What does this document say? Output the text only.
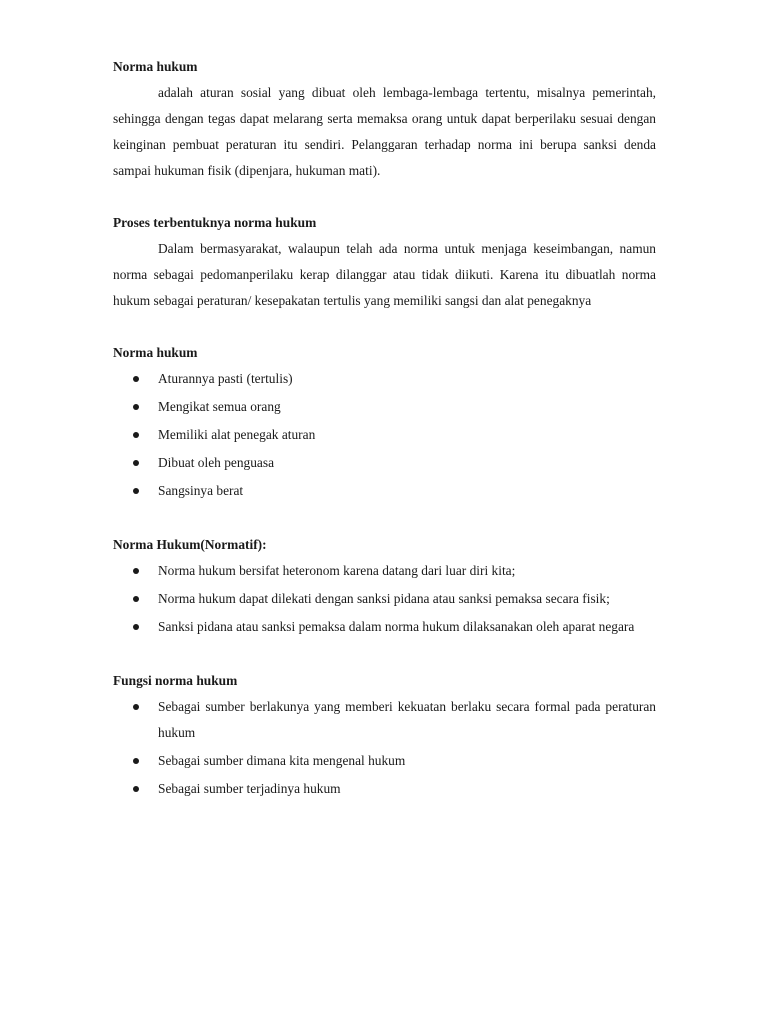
Norma hukum

adalah aturan sosial yang dibuat oleh lembaga-lembaga tertentu, misalnya pemerintah, sehingga dengan tegas dapat melarang serta memaksa orang untuk dapat berperilaku sesuai dengan keinginan pembuat peraturan itu sendiri. Pelanggaran terhadap norma ini berupa sanksi denda sampai hukuman fisik (dipenjara, hukuman mati).

Proses terbentuknya norma hukum

Dalam bermasyarakat, walaupun telah ada norma untuk menjaga keseimbangan, namun norma sebagai pedomanperilaku kerap dilanggar atau tidak diikuti. Karena itu dibuatlah norma hukum sebagai peraturan/ kesepakatan tertulis yang memiliki sangsi dan alat penegaknya

Norma hukum

Aturannya pasti (tertulis)
Mengikat semua orang
Memiliki alat penegak aturan
Dibuat oleh penguasa
Sangsinya berat

Norma Hukum(Normatif):

Norma hukum bersifat heteronom karena datang dari luar diri kita;
Norma hukum dapat dilekati dengan sanksi pidana atau sanksi pemaksa secara fisik;
Sanksi pidana atau sanksi pemaksa dalam norma hukum dilaksanakan oleh aparat negara

Fungsi norma hukum

Sebagai sumber berlakunya yang memberi kekuatan berlaku secara formal pada peraturan hukum
Sebagai sumber dimana kita mengenal hukum
Sebagai sumber terjadinya hukum
